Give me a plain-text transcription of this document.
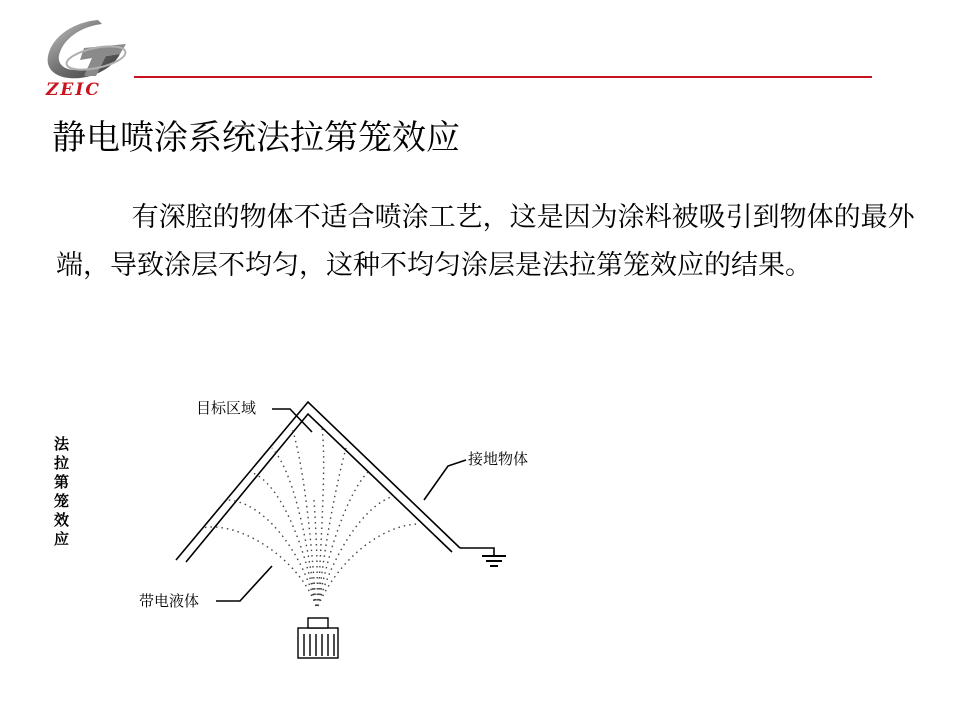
ZEIC
静电喷涂系统法拉第笼效应

有深腔的物体不适合喷涂工艺，这是因为涂料被吸引到物体的最外端，导致涂层不均匀，这种不均匀涂层是法拉第笼效应的结果。

法拉第笼效应
目标区域
接地物体
带电液体
